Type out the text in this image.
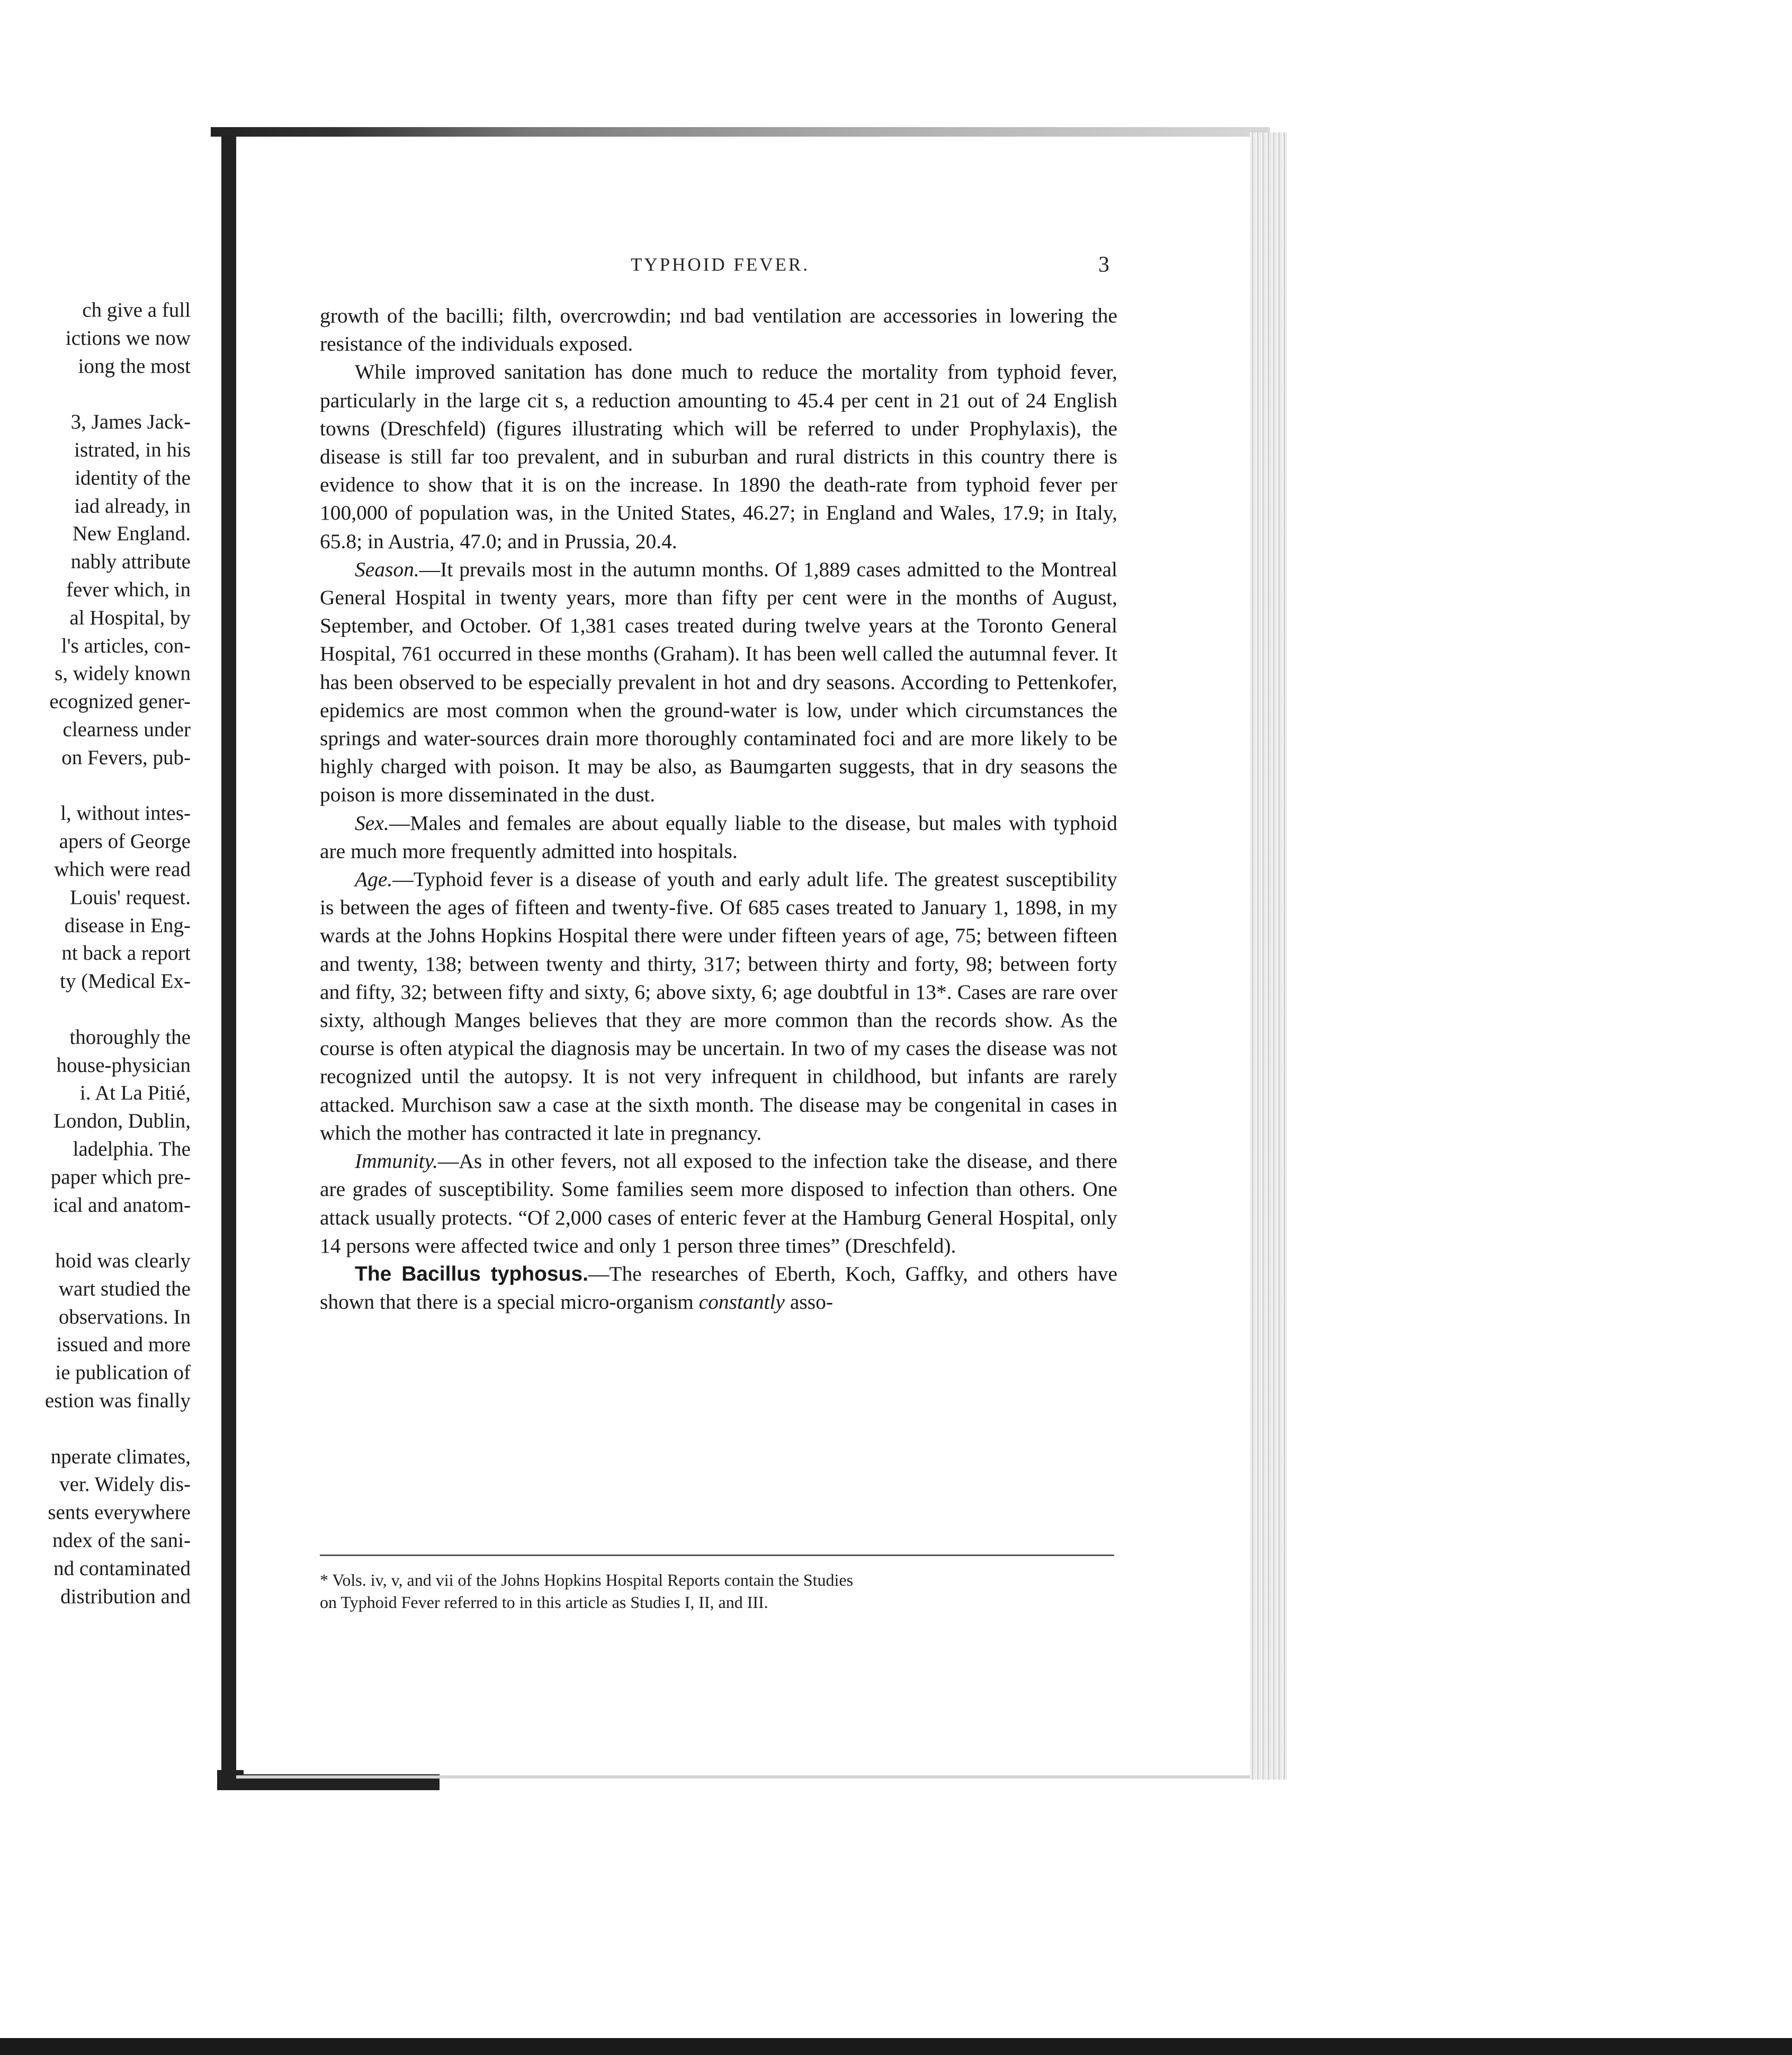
ch give a full
ictions we now
iong the most
3, James Jack-
istrated, in his
identity of the
iad already, in
New England.
nably attribute
fever which, in
al Hospital, by
l's articles, con-
s, widely known
ecognized gener-
clearness under
on Fevers, pub-
l, without intes-
apers of George
which were read
Louis' request.
disease in Eng-
nt back a report
ty (Medical Ex-
thoroughly the
house-physician
i. At La Pitié,
London, Dublin,
ladelphia. The
paper which pre-
ical and anatom-
hoid was clearly
wart studied the
observations. In
issued and more
ie publication of
estion was finally
nperate climates,
ver. Widely dis-
sents everywhere
ndex of the sani-
nd contaminated
distribution and
TYPHOID FEVER.	3

growth of the bacilli; filth, overcrowdin; ınd bad ventilation are accessories in lowering the resistance of the individuals exposed.

While improved sanitation has done much to reduce the mortality from typhoid fever, particularly in the large cit s, a reduction amounting to 45.4 per cent in 21 out of 24 English towns (Dreschfeld) (figures illustrating which will be referred to under Prophylaxis), the disease is still far too prevalent, and in suburban and rural districts in this country there is evidence to show that it is on the increase. In 1890 the death-rate from typhoid fever per 100,000 of population was, in the United States, 46.27; in England and Wales, 17.9; in Italy, 65.8; in Austria, 47.0; and in Prussia, 20.4.

Season.—It prevails most in the autumn months. Of 1,889 cases admitted to the Montreal General Hospital in twenty years, more than fifty per cent were in the months of August, September, and October. Of 1,381 cases treated during twelve years at the Toronto General Hospital, 761 occurred in these months (Graham). It has been well called the autumnal fever. It has been observed to be especially prevalent in hot and dry seasons. According to Pettenkofer, epidemics are most common when the ground-water is low, under which circumstances the springs and water-sources drain more thoroughly contaminated foci and are more likely to be highly charged with poison. It may be also, as Baumgarten suggests, that in dry seasons the poison is more disseminated in the dust.

Sex.—Males and females are about equally liable to the disease, but males with typhoid are much more frequently admitted into hospitals.

Age.—Typhoid fever is a disease of youth and early adult life. The greatest susceptibility is between the ages of fifteen and twenty-five. Of 685 cases treated to January 1, 1898, in my wards at the Johns Hopkins Hospital there were under fifteen years of age, 75; between fifteen and twenty, 138; between twenty and thirty, 317; between thirty and forty, 98; between forty and fifty, 32; between fifty and sixty, 6; above sixty, 6; age doubtful in 13*. Cases are rare over sixty, although Manges believes that they are more common than the records show. As the course is often atypical the diagnosis may be uncertain. In two of my cases the disease was not recognized until the autopsy. It is not very infrequent in childhood, but infants are rarely attacked. Murchison saw a case at the sixth month. The disease may be congenital in cases in which the mother has contracted it late in pregnancy.

Immunity.—As in other fevers, not all exposed to the infection take the disease, and there are grades of susceptibility. Some families seem more disposed to infection than others. One attack usually protects. “Of 2,000 cases of enteric fever at the Hamburg General Hospital, only 14 persons were affected twice and only 1 person three times” (Dreschfeld).

The Bacillus typhosus.—The researches of Eberth, Koch, Gaffky, and others have shown that there is a special micro-organism constantly asso-

* Vols. iv, v, and vii of the Johns Hopkins Hospital Reports contain the Studies
on Typhoid Fever referred to in this article as Studies I, II, and III.
